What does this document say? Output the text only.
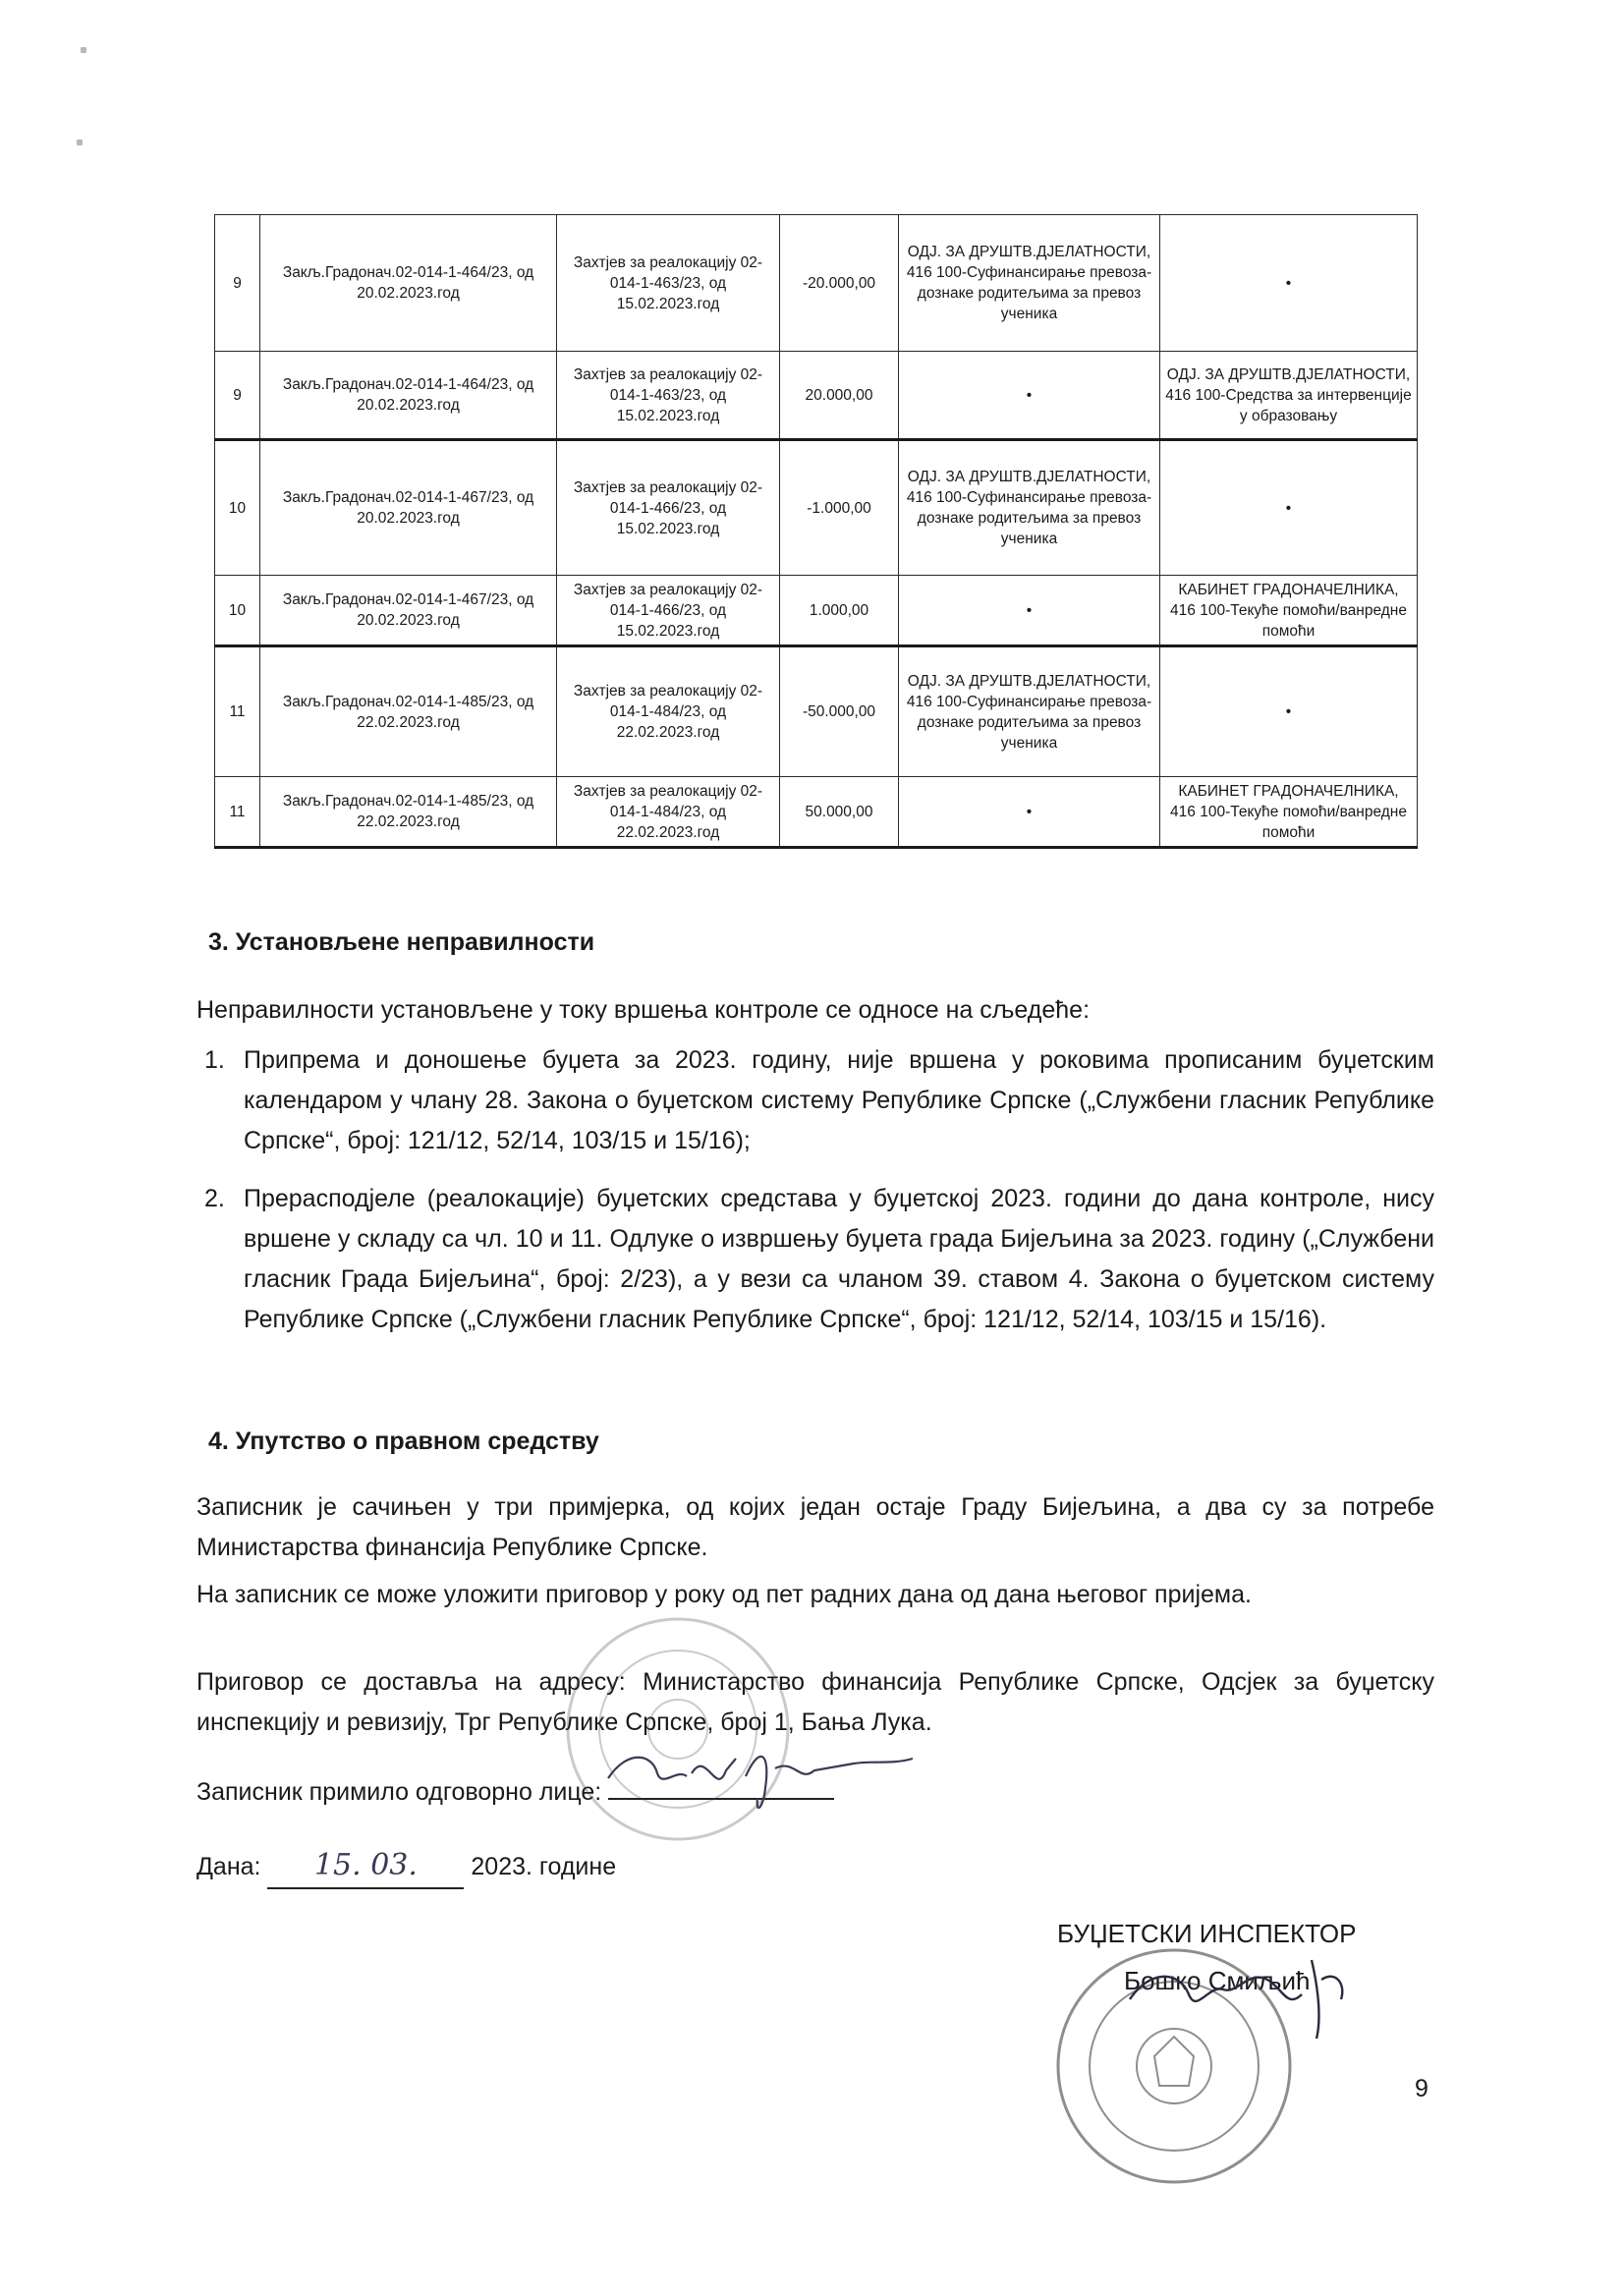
9	Закљ.Градонач.02-014-1-464/23, од 20.02.2023.год	Захтјев за реалокацију 02-014-1-463/23, од 15.02.2023.год	-20.000,00	ОДЈ. ЗА ДРУШТВ.ДЈЕЛАТНОСТИ, 416 100-Суфинансирање превоза-дознаке родитељима за превоз ученика	•
9	Закљ.Градонач.02-014-1-464/23, од 20.02.2023.год	Захтјев за реалокацију 02-014-1-463/23, од 15.02.2023.год	20.000,00	•	ОДЈ. ЗА ДРУШТВ.ДЈЕЛАТНОСТИ, 416 100-Средства за интервенције у образовању
10	Закљ.Градонач.02-014-1-467/23, од 20.02.2023.год	Захтјев за реалокацију 02-014-1-466/23, од 15.02.2023.год	-1.000,00	ОДЈ. ЗА ДРУШТВ.ДЈЕЛАТНОСТИ, 416 100-Суфинансирање превоза-дознаке родитељима за превоз ученика	•
10	Закљ.Градонач.02-014-1-467/23, од 20.02.2023.год	Захтјев за реалокацију 02-014-1-466/23, од 15.02.2023.год	1.000,00	•	КАБИНЕТ ГРАДОНАЧЕЛНИКА, 416 100-Текуће помоћи/ванредне помоћи
11	Закљ.Градонач.02-014-1-485/23, од 22.02.2023.год	Захтјев за реалокацију 02-014-1-484/23, од 22.02.2023.год	-50.000,00	ОДЈ. ЗА ДРУШТВ.ДЈЕЛАТНОСТИ, 416 100-Суфинансирање превоза-дознаке родитељима за превоз ученика	•
11	Закљ.Градонач.02-014-1-485/23, од 22.02.2023.год	Захтјев за реалокацију 02-014-1-484/23, од 22.02.2023.год	50.000,00	•	КАБИНЕТ ГРАДОНАЧЕЛНИКА, 416 100-Текуће помоћи/ванредне помоћи
3. Установљене неправилности

Неправилности установљене у току вршења контроле се односе на сљедеће:

1. Припрема и доношење буџета за 2023. годину, није вршена у роковима прописаним буџетским календаром у члану 28. Закона о буџетском систему Републике Српске („Службени гласник Републике Српске“, број: 121/12, 52/14, 103/15 и 15/16);
2. Прерасподјеле (реалокације) буџетских средстава у буџетској 2023. години до дана контроле, нису вршене у складу са чл. 10 и 11. Одлуке о извршењу буџета града Бијељина за 2023. годину („Службени гласник Града Бијељина“, број: 2/23), а у вези са чланом 39. ставом 4. Закона о буџетском систему Републике Српске („Службени гласник Републике Српске“, број: 121/12, 52/14, 103/15 и 15/16).
4. Упутство о правном средству
Записник је сачињен у три примјерка, од којих један остаје Граду Бијељина, а два су за потребе Министарства финансија Републике Српске.
На записник се може уложити приговор у року од пет радних дана од дана његовог пријема.
Приговор се доставља на адресу: Министарство финансија Републике Српске, Одсјек за буџетску инспекцију и ревизију, Трг Републике Српске, број 1, Бања Лука.
Записник примило одговорно лице:
Дана: 15. 03. 2023. године
БУЏЕТСКИ ИНСПЕКТОР
Бошко Смиљић
9
